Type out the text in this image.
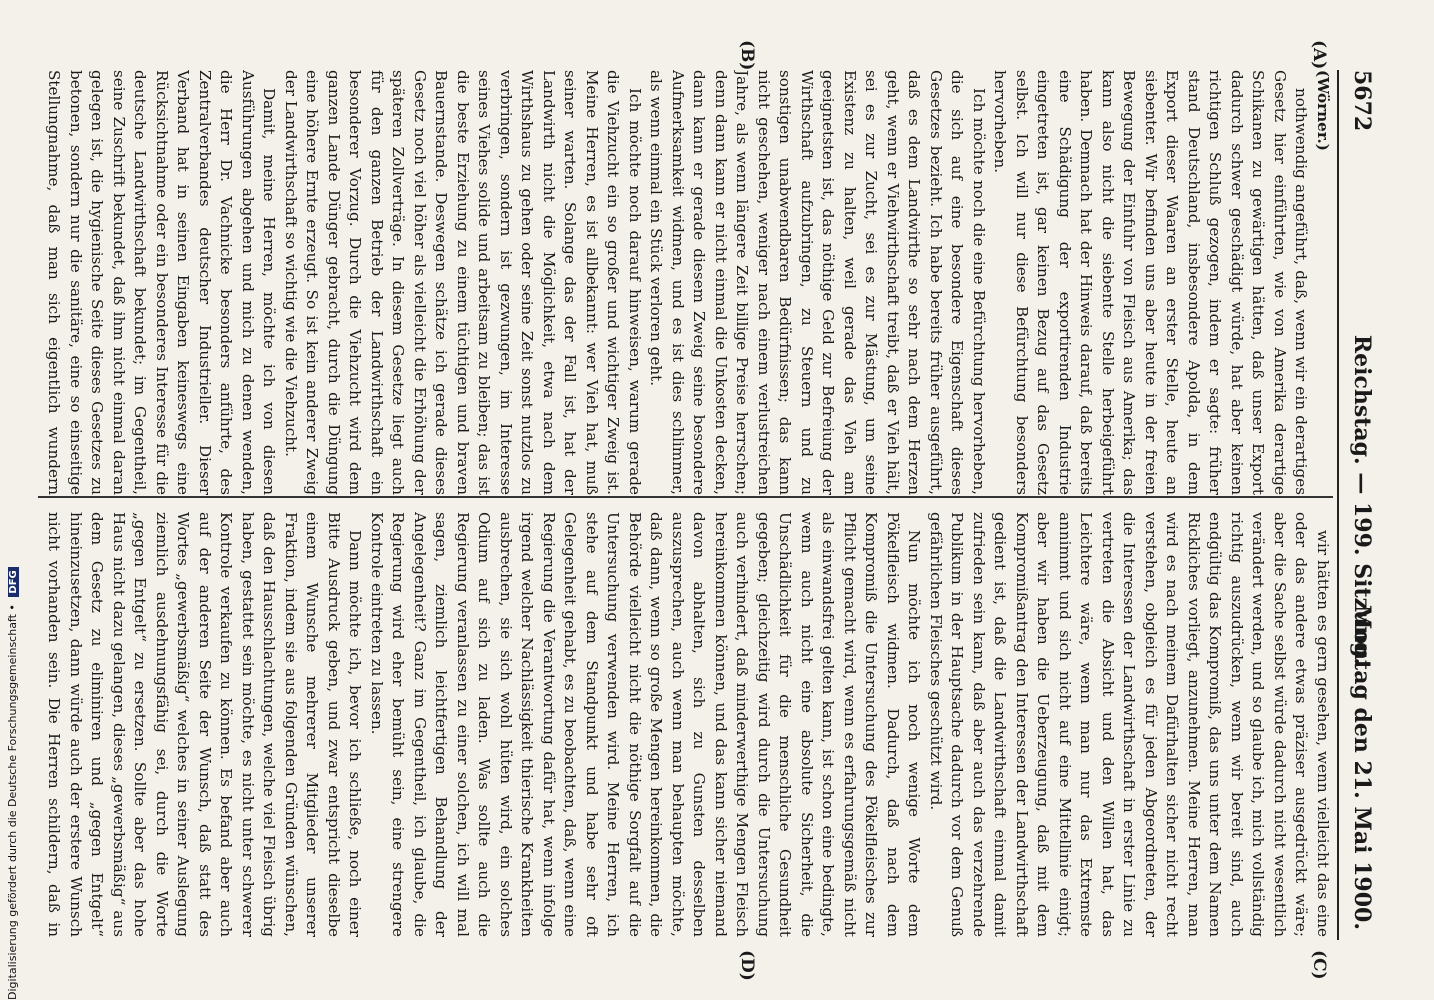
5672
Reichstag. — 199. Sitzung.
Montag den 21. Mai 1900.
(A)
(B)
(C)
(D)

(Wörner.)

nothwendig angeführt, daß, wenn wir ein derartiges Gesetz hier einführten, wie von Amerika derartige Schikanen zu gewärtigen hätten, daß unser Export dadurch schwer geschädigt würde, hat aber keinen richtigen Schluß gezogen, indem er sagte: früher stand Deutschland, insbesondere Apolda, in dem Export dieser Waaren an erster Stelle, heute an siebenter. Wir befinden uns aber heute in der freien Bewegung der Einfuhr von Fleisch aus Amerika; das kann also nicht die siebente Stelle herbeigeführt haben. Demnach hat der Hinweis darauf, daß bereits eine Schädigung der exportirenden Industrie eingetreten ist, gar keinen Bezug auf das Gesetz selbst. Ich will nur diese Befürchtung besonders hervorheben.

Ich möchte noch die eine Befürchtung hervorheben, die sich auf eine besondere Eigenschaft dieses Gesetzes bezieht. Ich habe bereits früher ausgeführt, daß es dem Landwirthe so sehr nach dem Herzen geht, wenn er Viehwirthschaft treibt, daß er Vieh hält, sei es zur Zucht, sei es zur Mästung, um seine Existenz zu halten, weil gerade das Vieh am geeignetsten ist, das nöthige Geld zur Befreiung der Wirthschaft aufzubringen, zu Steuern und zu sonstigen unabwendbaren Bedürfnissen; das kann nicht geschehen, weniger nach einem verlustreichen Jahre, als wenn längere Zeit billige Preise herrschen; denn dann kann er nicht einmal die Unkosten decken, dann kann er gerade diesem Zweig seine besondere Aufmerksamkeit widmen, und es ist dies schlimmer, als wenn einmal ein Stück verloren geht.

Ich möchte noch darauf hinweisen, warum gerade die Viehzucht ein so großer und wichtiger Zweig ist. Meine Herren, es ist allbekannt: wer Vieh hat, muß seiner warten. Solange das der Fall ist, hat der Landwirth nicht die Möglichkeit, etwa nach dem Wirthshaus zu gehen oder seine Zeit sonst nutzlos zu verbringen, sondern ist gezwungen, im Interesse seines Viehes solide und arbeitsam zu bleiben; das ist die beste Erziehung zu einem tüchtigen und braven Bauernstande. Deswegen schätze ich gerade dieses Gesetz noch viel höher als vielleicht die Erhöhung der späteren Zollverträge. In diesem Gesetze liegt auch für den ganzen Betrieb der Landwirthschaft ein besonderer Vorzug. Durch die Viehzucht wird dem ganzen Lande Dünger gebracht, durch die Düngung eine höhere Ernte erzeugt. So ist kein anderer Zweig der Landwirthschaft so wichtig wie die Viehzucht.

Damit, meine Herren, möchte ich von diesen Ausführungen abgehen und mich zu denen wenden, die Herr Dr. Vachnicke besonders anführte, des Zentralverbandes deutscher Industrieller. Dieser Verband hat in seinen Eingaben keineswegs eine Rücksichtnahme oder ein besonderes Interesse für die deutsche Landwirthschaft bekundet; im Gegentheil, seine Zuschrift bekundet, daß ihm nicht einmal daran gelegen ist, die hygienische Seite dieses Gesetzes zu betonen, sondern nur die sanitäre, eine so einseitige Stellungnahme, daß man sich eigentlich wundern

wir hätten es gern gesehen, wenn vielleicht das eine oder das andere etwas präziser ausgedrückt wäre; aber die Sache selbst würde dadurch nicht wesentlich verändert werden, und so glaube ich, mich vollständig richtig auszudrücken, wenn wir bereit sind, auch endgültig das Kompromiß, das uns unter dem Namen Rickliches vorliegt, anzunehmen. Meine Herren, man wird es nach meinem Dafürhalten sicher nicht recht verstehen, obgleich es für jeden Abgeordneten, der die Interessen der Landwirthschaft in erster Linie zu vertreten die Absicht und den Willen hat, das Leichtere wäre, wenn man nur das Extremste annimmt und sich nicht auf eine Mittellinie einigt; aber wir haben die Ueberzeugung, daß mit dem Kompromißantrag den Interessen der Landwirthschaft gedient ist, daß die Landwirthschaft einmal damit zufrieden sein kann, daß aber auch das verzehrende Publikum in der Hauptsache dadurch vor dem Genuß gefährlichen Fleisches geschützt wird.

Nun möchte ich noch wenige Worte dem Pökelfleisch widmen. Dadurch, daß nach dem Kompromiß die Untersuchung des Pökelfleisches zur Pflicht gemacht wird, wenn es erfahrungsgemäß nicht als einwandsfrei gelten kann, ist schon eine bedingte, wenn auch nicht eine absolute Sicherheit, die Unschädlichkeit für die menschliche Gesundheit gegeben; gleichzeitig wird durch die Untersuchung auch verhindert, daß minderwerthige Mengen Fleisch hereinkommen können, und das kann sicher niemand davon abhalten, sich zu Gunsten desselben auszusprechen, auch wenn man behaupten möchte, daß dann, wenn so große Mengen hereinkommen, die Behörde vielleicht nicht die nöthige Sorgfalt auf die Untersuchung verwenden wird. Meine Herren, ich stehe auf dem Standpunkt und habe sehr oft Gelegenheit gehabt, es zu beobachten, daß, wenn eine Regierung die Verantwortung dafür hat, wenn infolge irgend welcher Nachlässigkeit thierische Krankheiten ausbrechen, sie sich wohl hüten wird, ein solches Odium auf sich zu laden. Was sollte auch die Regierung veranlassen zu einer solchen, ich will mal sagen, ziemlich leichtfertigen Behandlung der Angelegenheit? Ganz im Gegentheil, ich glaube, die Regierung wird eher bemüht sein, eine strengere Kontrole eintreten zu lassen.

Dann möchte ich, bevor ich schließe, noch einer Bitte Ausdruck geben, und zwar entspricht dieselbe einem Wunsche mehrerer Mitglieder unserer Fraktion, indem sie aus folgenden Gründen wünschen, daß den Hausschlachtungen, welche viel Fleisch übrig haben, gestattet sein möchte, es nicht unter schwerer Kontrole verkaufen zu können. Es befand aber auch auf der anderen Seite der Wunsch, daß statt des Wortes „gewerbsmäßig“ welches in seiner Auslegung ziemlich ausdehnungsfähig sei, durch die Worte „gegen Entgelt“ zu ersetzen. Sollte aber das hohe Haus nicht dazu gelangen, dieses „gewerbsmäßig“ aus dem Gesetz zu eliminiren und „gegen Entgelt“ hineinzusetzen, dann würde auch der erstere Wunsch nicht vorhanden sein. Die Herren schildern, daß in

Digitalisierung gefördert durch die Deutsche Forschungsgemeinschaft • DFG
